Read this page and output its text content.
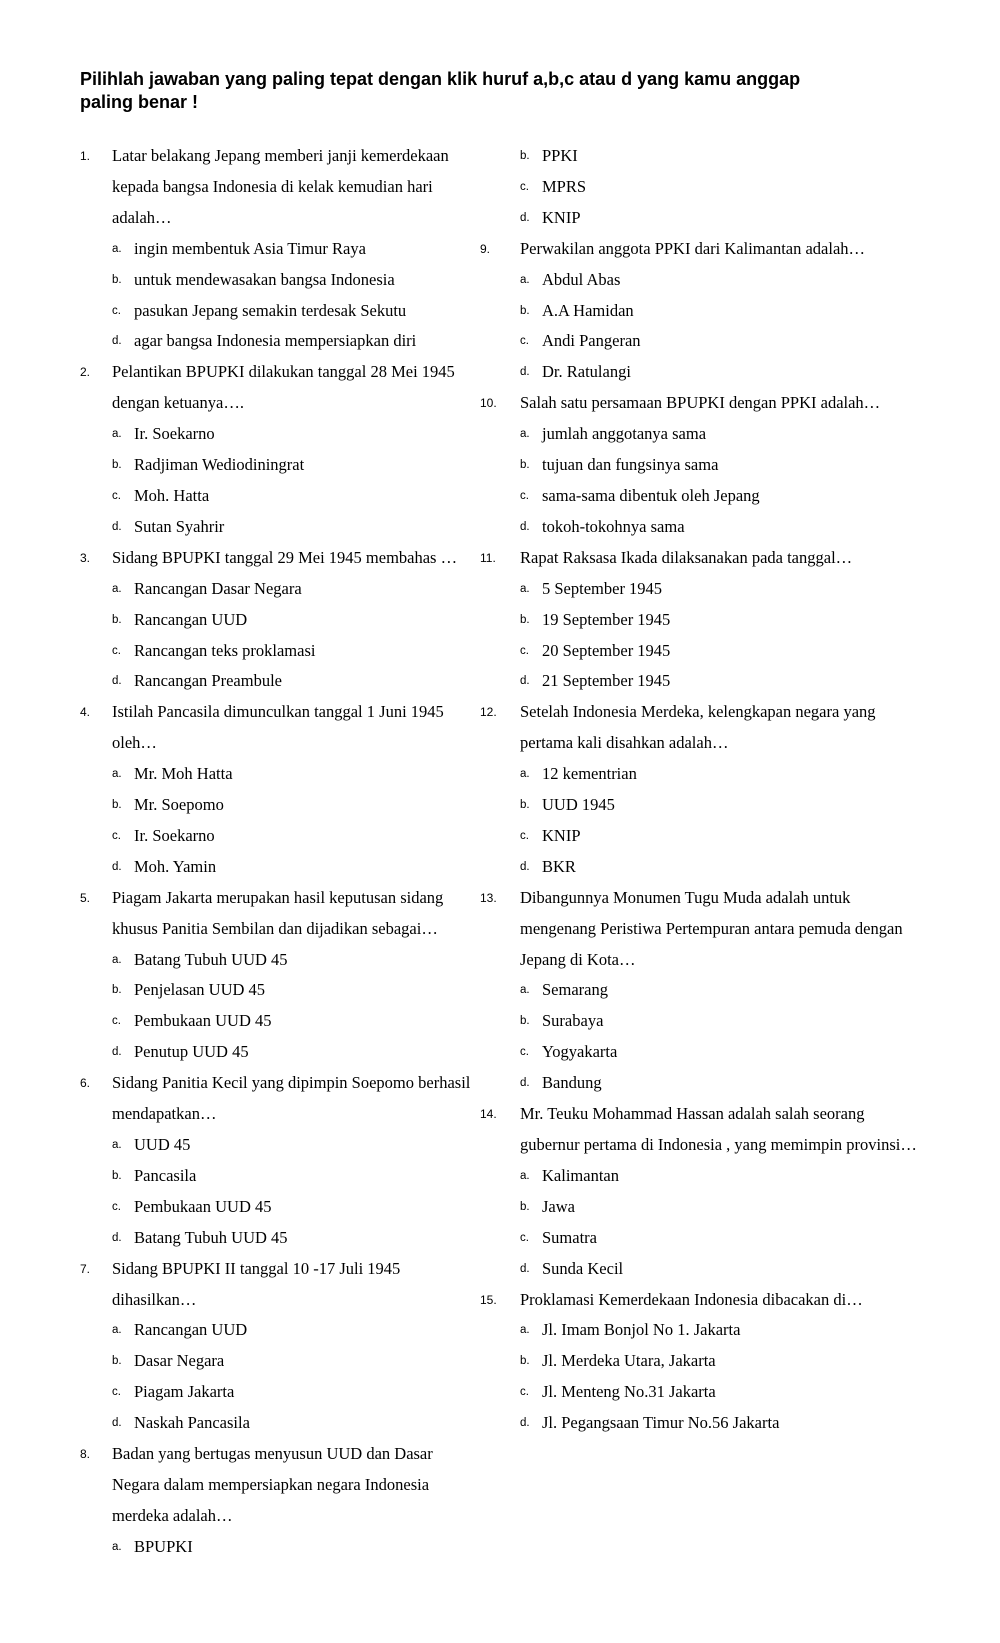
Pilihlah jawaban yang paling tepat dengan klik huruf a,b,c atau d yang kamu anggap
paling benar !
1. Latar belakang Jepang memberi janji kemerdekaan kepada bangsa Indonesia di kelak kemudian hari adalah…
a. ingin membentuk Asia Timur Raya
b. untuk mendewasakan bangsa Indonesia
c. pasukan Jepang semakin terdesak Sekutu
d. agar bangsa Indonesia mempersiapkan diri
2. Pelantikan BPUPKI dilakukan tanggal 28 Mei 1945 dengan ketuanya….
a. Ir. Soekarno
b. Radjiman Wediodiningrat
c. Moh. Hatta
d. Sutan Syahrir
3. Sidang BPUPKI tanggal 29 Mei 1945 membahas …
a. Rancangan Dasar Negara
b. Rancangan UUD
c. Rancangan teks proklamasi
d. Rancangan Preambule
4. Istilah Pancasila dimunculkan tanggal 1 Juni 1945 oleh…
a. Mr. Moh Hatta
b. Mr. Soepomo
c. Ir. Soekarno
d. Moh. Yamin
5. Piagam Jakarta merupakan hasil keputusan sidang khusus Panitia Sembilan dan dijadikan sebagai…
a. Batang Tubuh UUD 45
b. Penjelasan UUD 45
c. Pembukaan UUD 45
d. Penutup UUD 45
6. Sidang Panitia Kecil yang dipimpin Soepomo berhasil mendapatkan…
a. UUD 45
b. Pancasila
c. Pembukaan UUD 45
d. Batang Tubuh UUD 45
7. Sidang BPUPKI II tanggal 10 -17 Juli 1945 dihasilkan…
a. Rancangan UUD
b. Dasar Negara
c. Piagam Jakarta
d. Naskah Pancasila
8. Badan yang bertugas menyusun UUD dan Dasar Negara dalam mempersiapkan negara Indonesia merdeka adalah…
a. BPUPKI
b. PPKI
c. MPRS
d. KNIP
9. Perwakilan anggota PPKI dari Kalimantan adalah…
a. Abdul Abas
b. A.A Hamidan
c. Andi Pangeran
d. Dr. Ratulangi
10. Salah satu persamaan BPUPKI dengan PPKI adalah…
a. jumlah anggotanya sama
b. tujuan dan fungsinya sama
c. sama-sama dibentuk oleh Jepang
d. tokoh-tokohnya sama
11. Rapat Raksasa Ikada dilaksanakan pada tanggal…
a. 5 September 1945
b. 19 September 1945
c. 20 September 1945
d. 21 September 1945
12. Setelah Indonesia Merdeka, kelengkapan negara yang pertama kali disahkan adalah…
a. 12 kementrian
b. UUD 1945
c. KNIP
d. BKR
13. Dibangunnya Monumen Tugu Muda adalah untuk mengenang Peristiwa Pertempuran antara pemuda dengan Jepang di Kota…
a. Semarang
b. Surabaya
c. Yogyakarta
d. Bandung
14. Mr. Teuku Mohammad Hassan adalah salah seorang gubernur pertama di Indonesia , yang memimpin provinsi…
a. Kalimantan
b. Jawa
c. Sumatra
d. Sunda Kecil
15. Proklamasi Kemerdekaan Indonesia dibacakan di…
a. Jl. Imam Bonjol No 1. Jakarta
b. Jl. Merdeka Utara, Jakarta
c. Jl. Menteng No.31 Jakarta
d. Jl. Pegangsaan Timur No.56 Jakarta
